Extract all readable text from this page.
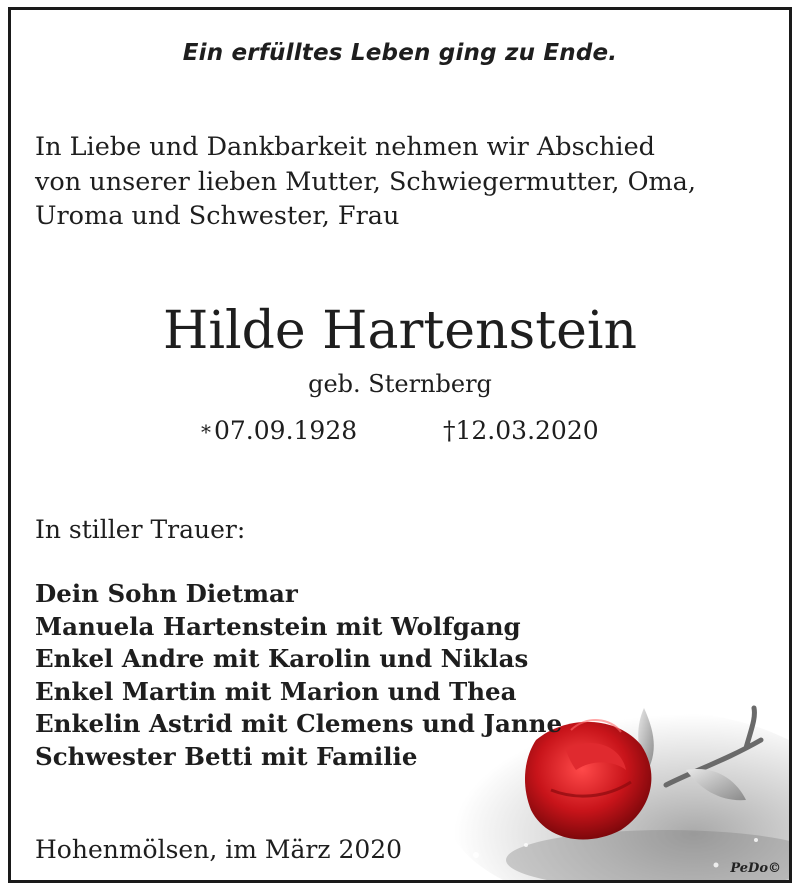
Ein erfülltes Leben ging zu Ende.

In Liebe und Dankbarkeit nehmen wir Abschied
von unserer lieben Mutter, Schwiegermutter, Oma,
Uroma und Schwester, Frau

Hilde Hartenstein
geb. Sternberg
* 07.09.1928	†12.03.2020
In stiller Trauer:
Dein Sohn Dietmar
Manuela Hartenstein mit Wolfgang
Enkel Andre mit Karolin und Niklas
Enkel Martin mit Marion und Thea
Enkelin Astrid mit Clemens und Janne
Schwester Betti mit Familie
Hohenmölsen, im März 2020
PeDo©
